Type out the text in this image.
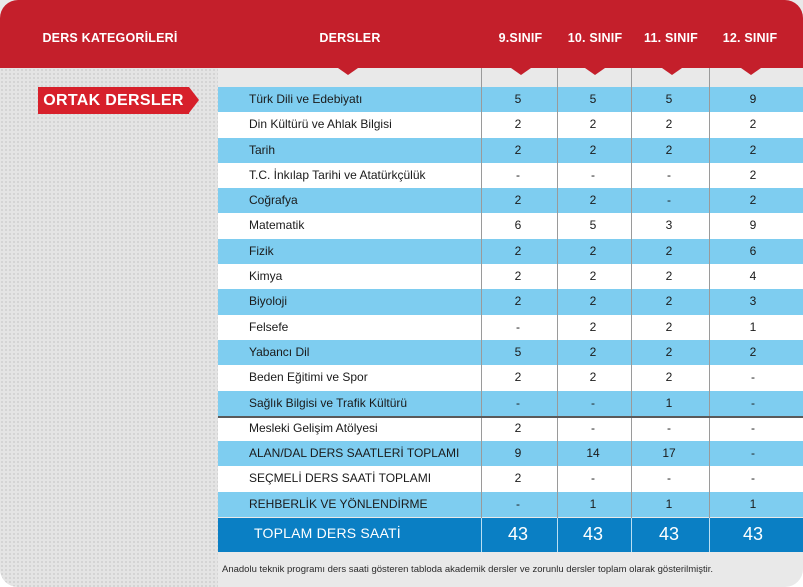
DERS KATEGORİLERİ	DERSLER	9.SINIF	10. SINIF	11. SINIF	12. SINIF
ORTAK DERSLER	Türk Dili ve Edebiyatı	5	5	5	9
Din Kültürü ve Ahlak Bilgisi	2	2	2	2
Tarih	2	2	2	2
T.C. İnkılap Tarihi ve Atatürkçülük	-	-	-	2
Coğrafya	2	2	-	2
Matematik	6	5	3	9
Fizik	2	2	2	6
Kimya	2	2	2	4
Biyoloji	2	2	2	3
Felsefe	-	2	2	1
Yabancı Dil	5	2	2	2
Beden Eğitimi ve Spor	2	2	2	-
Sağlık Bilgisi ve Trafik Kültürü	-	-	1	-
Mesleki Gelişim Atölyesi	2	-	-	-
ALAN/DAL DERS SAATLERİ TOPLAMI	9	14	17	-
SEÇMELİ DERS SAATİ TOPLAMI	2	-	-	-
REHBERLİK VE YÖNLENDİRME	-	1	1	1
TOPLAM DERS SAATİ	43	43	43	43
Anadolu teknik programı ders saati gösteren tabloda akademik dersler ve zorunlu dersler toplam olarak gösterilmiştir.
